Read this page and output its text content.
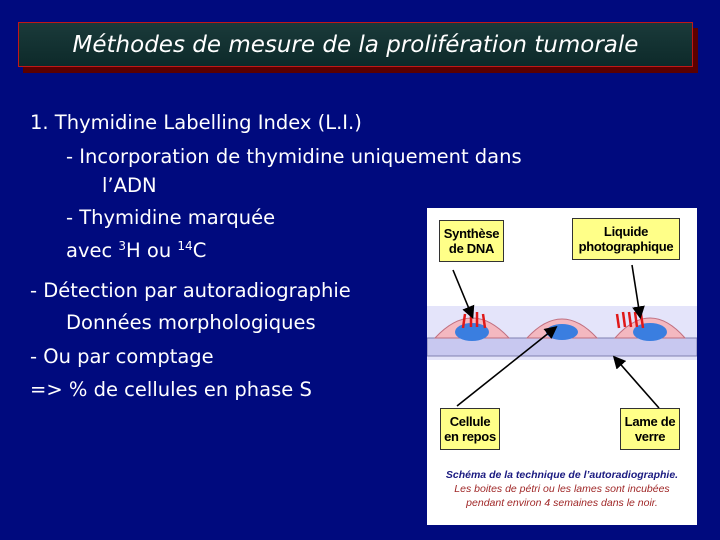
Méthodes de mesure de la prolifération tumorale
1. Thymidine Labelling Index (L.I.)
- Incorporation de thymidine uniquement dans
l’ADN
- Thymidine marquée
avec $^3$H ou $^{14}$C
- Détection par autoradiographie
Données morphologiques
- Ou par comptage
=> % de cellules en phase S
Synthèse
de DNA
Liquide
photographique
Cellule
en repos
Lame de
verre
Schéma de la technique de l’autoradiographie.
Les boites de pétri ou les lames sont incubées
pendant environ 4 semaines dans le noir.
